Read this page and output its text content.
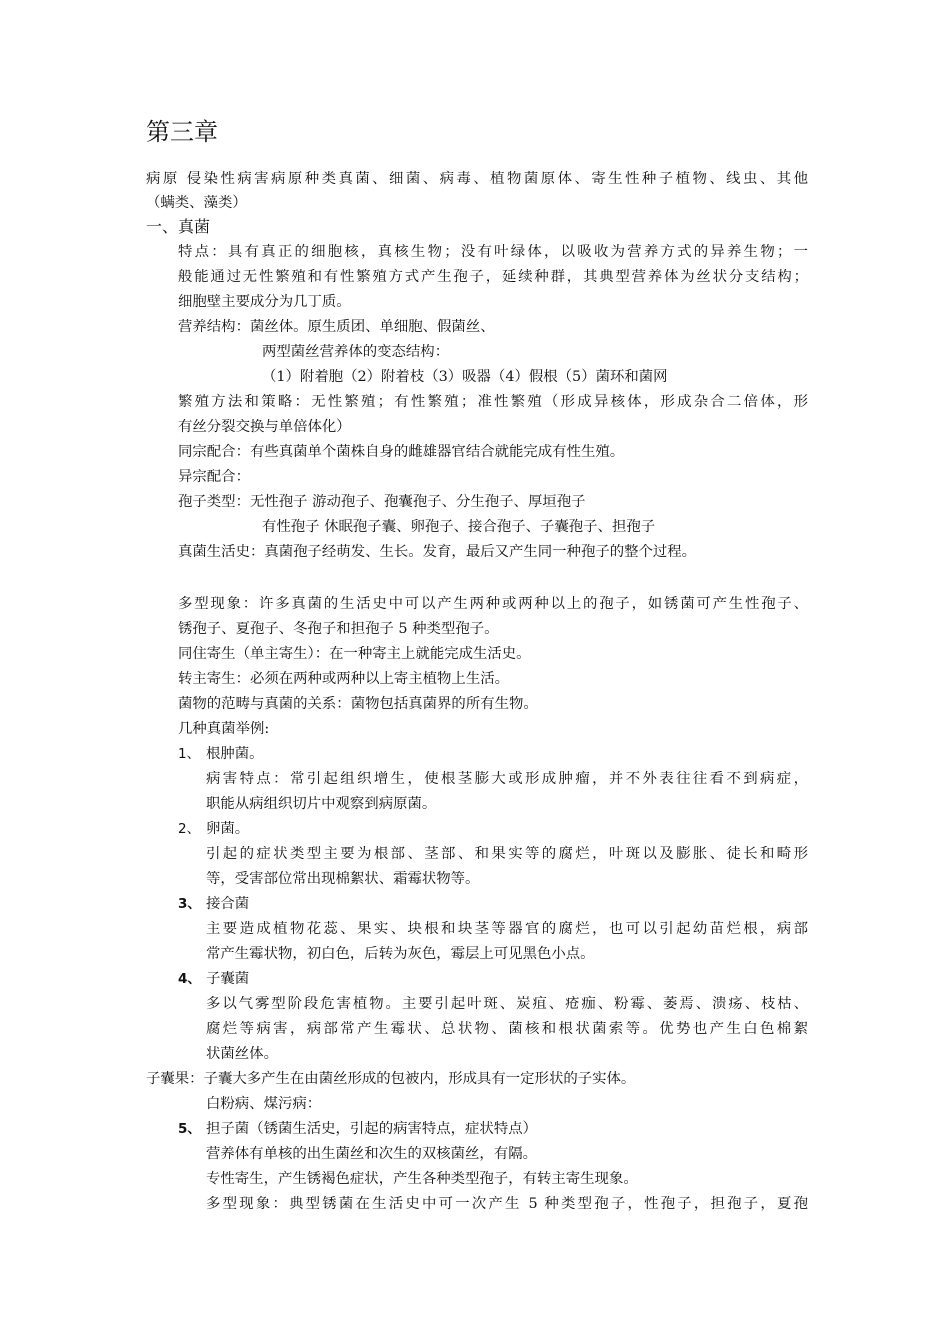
第三章
病原 侵染性病害病原种类真菌、细菌、病毒、植物菌原体、寄生性种子植物、线虫、其他
（螨类、藻类）
一、真菌
特点：具有真正的细胞核，真核生物；没有叶绿体，以吸收为营养方式的异养生物；一
般能通过无性繁殖和有性繁殖方式产生孢子，延续种群，其典型营养体为丝状分支结构；
细胞壁主要成分为几丁质。
营养结构：菌丝体。原生质团、单细胞、假菌丝、
两型菌丝营养体的变态结构：
（1）附着胞（2）附着枝（3）吸器（4）假根（5）菌环和菌网
繁殖方法和策略：无性繁殖；有性繁殖；准性繁殖（形成异核体，形成杂合二倍体，形
有丝分裂交换与单倍体化）
同宗配合：有些真菌单个菌株自身的雌雄器官结合就能完成有性生殖。
异宗配合：
孢子类型：无性孢子 游动孢子、孢囊孢子、分生孢子、厚垣孢子
有性孢子 休眠孢子囊、卵孢子、接合孢子、子囊孢子、担孢子
真菌生活史：真菌孢子经萌发、生长。发育，最后又产生同一种孢子的整个过程。
多型现象：许多真菌的生活史中可以产生两种或两种以上的孢子，如锈菌可产生性孢子、
锈孢子、夏孢子、冬孢子和担孢子 5 种类型孢子。
同住寄生（单主寄生）：在一种寄主上就能完成生活史。
转主寄生：必须在两种或两种以上寄主植物上生活。
菌物的范畴与真菌的关系：菌物包括真菌界的所有生物。
几种真菌举例:
1、 根肿菌。
病害特点：常引起组织增生，使根茎膨大或形成肿瘤，并不外表往往看不到病症，
职能从病组织切片中观察到病原菌。
2、 卵菌。
引起的症状类型主要为根部、茎部、和果实等的腐烂，叶斑以及膨胀、徒长和畸形
等，受害部位常出现棉絮状、霜霉状物等。
3、 接合菌
主要造成植物花蕊、果实、块根和块茎等器官的腐烂，也可以引起幼苗烂根，病部
常产生霉状物，初白色，后转为灰色，霉层上可见黑色小点。
4、 子囊菌
多以气雾型阶段危害植物。主要引起叶斑、炭疽、疮痂、粉霉、萎焉、溃疡、枝枯、
腐烂等病害，病部常产生霉状、总状物、菌核和根状菌索等。优势也产生白色棉絮
状菌丝体。
子囊果：子囊大多产生在由菌丝形成的包被内，形成具有一定形状的子实体。
白粉病、煤污病：
5、 担子菌（锈菌生活史，引起的病害特点，症状特点）
营养体有单核的出生菌丝和次生的双核菌丝，有隔。
专性寄生，产生锈褐色症状，产生各种类型孢子，有转主寄生现象。
多型现象：典型锈菌在生活史中可一次产生 5 种类型孢子，性孢子，担孢子，夏孢
